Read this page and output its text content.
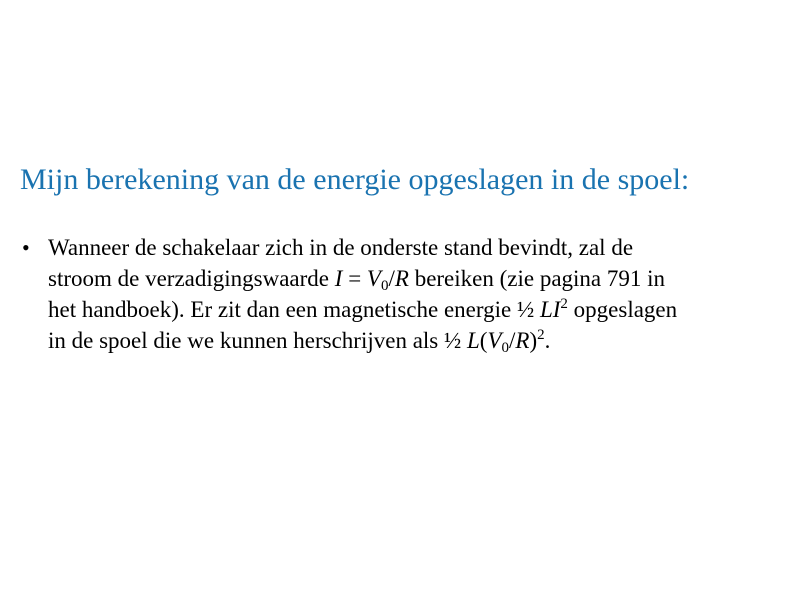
Mijn berekening van de energie opgeslagen in de spoel:
• Wanneer de schakelaar zich in de onderste stand bevindt, zal de
stroom de verzadigingswaarde $I = V_0/R$ bereiken (zie pagina 791 in
het handboek). Er zit dan een magnetische energie ½ $LI^2$ opgeslagen
in de spoel die we kunnen herschrijven als ½ $L(V_0/R)^2$.
